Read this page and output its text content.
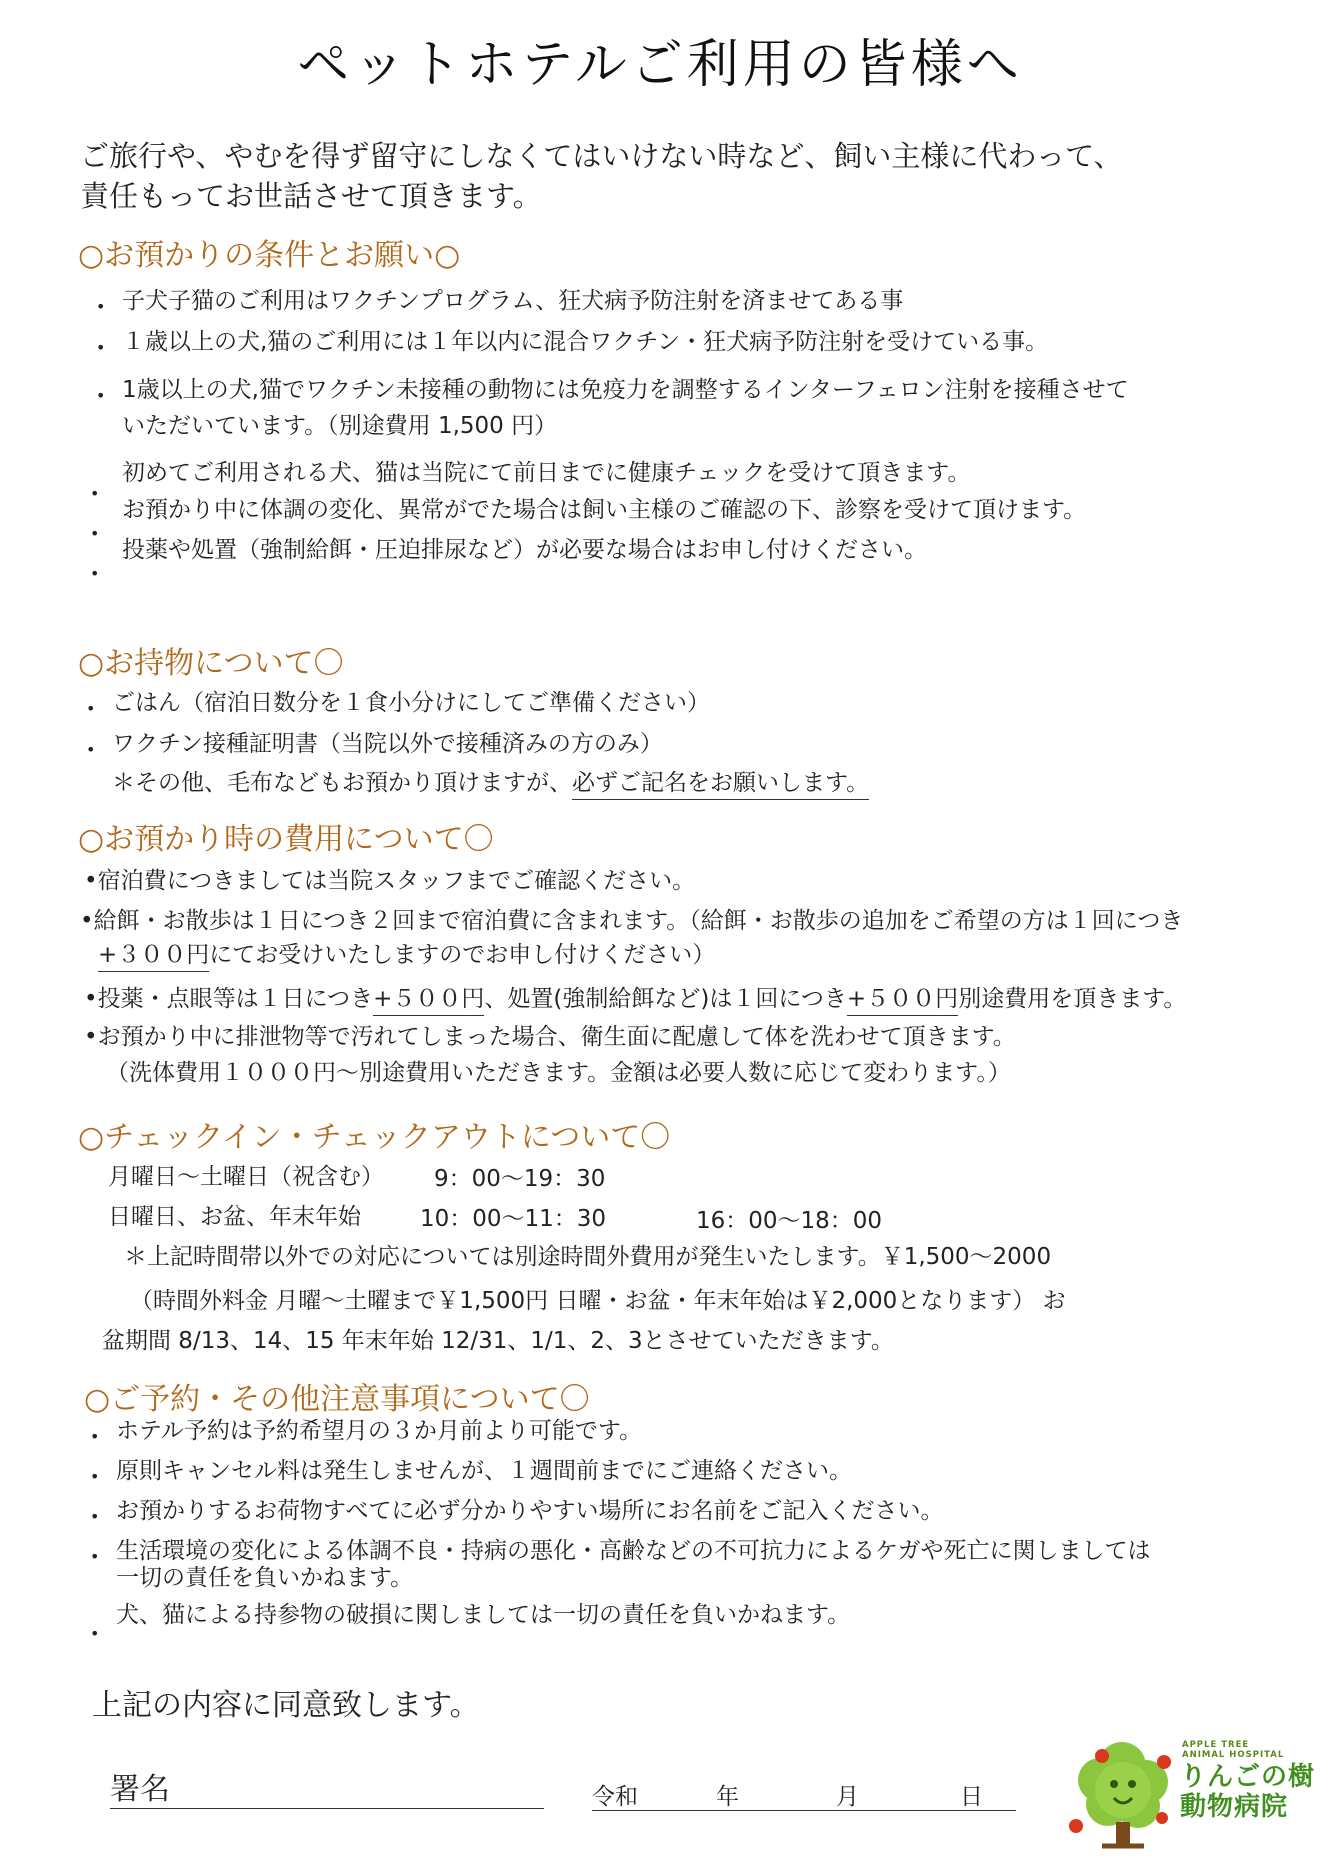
ペットホテルご利用の皆様へ
ご旅行や、やむを得ず留守にしなくてはいけない時など、飼い主様に代わって、
責任もってお世話させて頂きます。
○お預かりの条件とお願い○
• 子犬子猫のご利用はワクチンプログラム、狂犬病予防注射を済ませてある事
• １歳以上の犬,猫のご利用には１年以内に混合ワクチン・狂犬病予防注射を受けている事。
• 1歳以上の犬,猫でワクチン未接種の動物には免疫力を調整するインターフェロン注射を接種させて
いただいています。（別途費用 1,500 円）
初めてご利用される犬、猫は当院にて前日までに健康チェックを受けて頂きます。
お預かり中に体調の変化、異常がでた場合は飼い主様のご確認の下、診察を受けて頂けます。
投薬や処置（強制給餌・圧迫排尿など）が必要な場合はお申し付けください。
•
•
•
○お持物について〇
• ごはん（宿泊日数分を１食小分けにしてご準備ください）
• ワクチン接種証明書（当院以外で接種済みの方のみ）
＊その他、毛布などもお預かり頂けますが、必ずご記名をお願いします。
○お預かり時の費用について〇
•宿泊費につきましては当院スタッフまでご確認ください。
•給餌・お散歩は１日につき２回まで宿泊費に含まれます。（給餌・お散歩の追加をご希望の方は１回につき
+３００円にてお受けいたしますのでお申し付けください）
•投薬・点眼等は１日につき+５００円、処置(強制給餌など)は１回につき+５００円別途費用を頂きます。
•お預かり中に排泄物等で汚れてしまった場合、衛生面に配慮して体を洗わせて頂きます。
（洗体費用１０００円～別途費用いただきます。金額は必要人数に応じて変わります。）
○チェックイン・チェックアウトについて〇
月曜日～土曜日（祝含む） 9：00～19：30
日曜日、お盆、年末年始	10：00～11：30	16：00～18：00
＊上記時間帯以外での対応については別途時間外費用が発生いたします。￥1,500～2000
（時間外料金 月曜～土曜まで￥1,500円 日曜・お盆・年末年始は￥2,000となります） お
盆期間 8/13、14、15 年末年始 12/31、1/1、2、3とさせていただきます。
○ご予約・その他注意事項について〇
• ホテル予約は予約希望月の３か月前より可能です。
• 原則キャンセル料は発生しませんが、１週間前までにご連絡ください。
• お預かりするお荷物すべてに必ず分かりやすい場所にお名前をご記入ください。
• 生活環境の変化による体調不良・持病の悪化・高齢などの不可抗力によるケガや死亡に関しましては
一切の責任を負いかねます。
犬、猫による持参物の破損に関しましては一切の責任を負いかねます。
•
上記の内容に同意致します。
署名	令和	年	月	日
APPLE TREE
ANIMAL HOSPITAL
りんごの樹
動物病院
